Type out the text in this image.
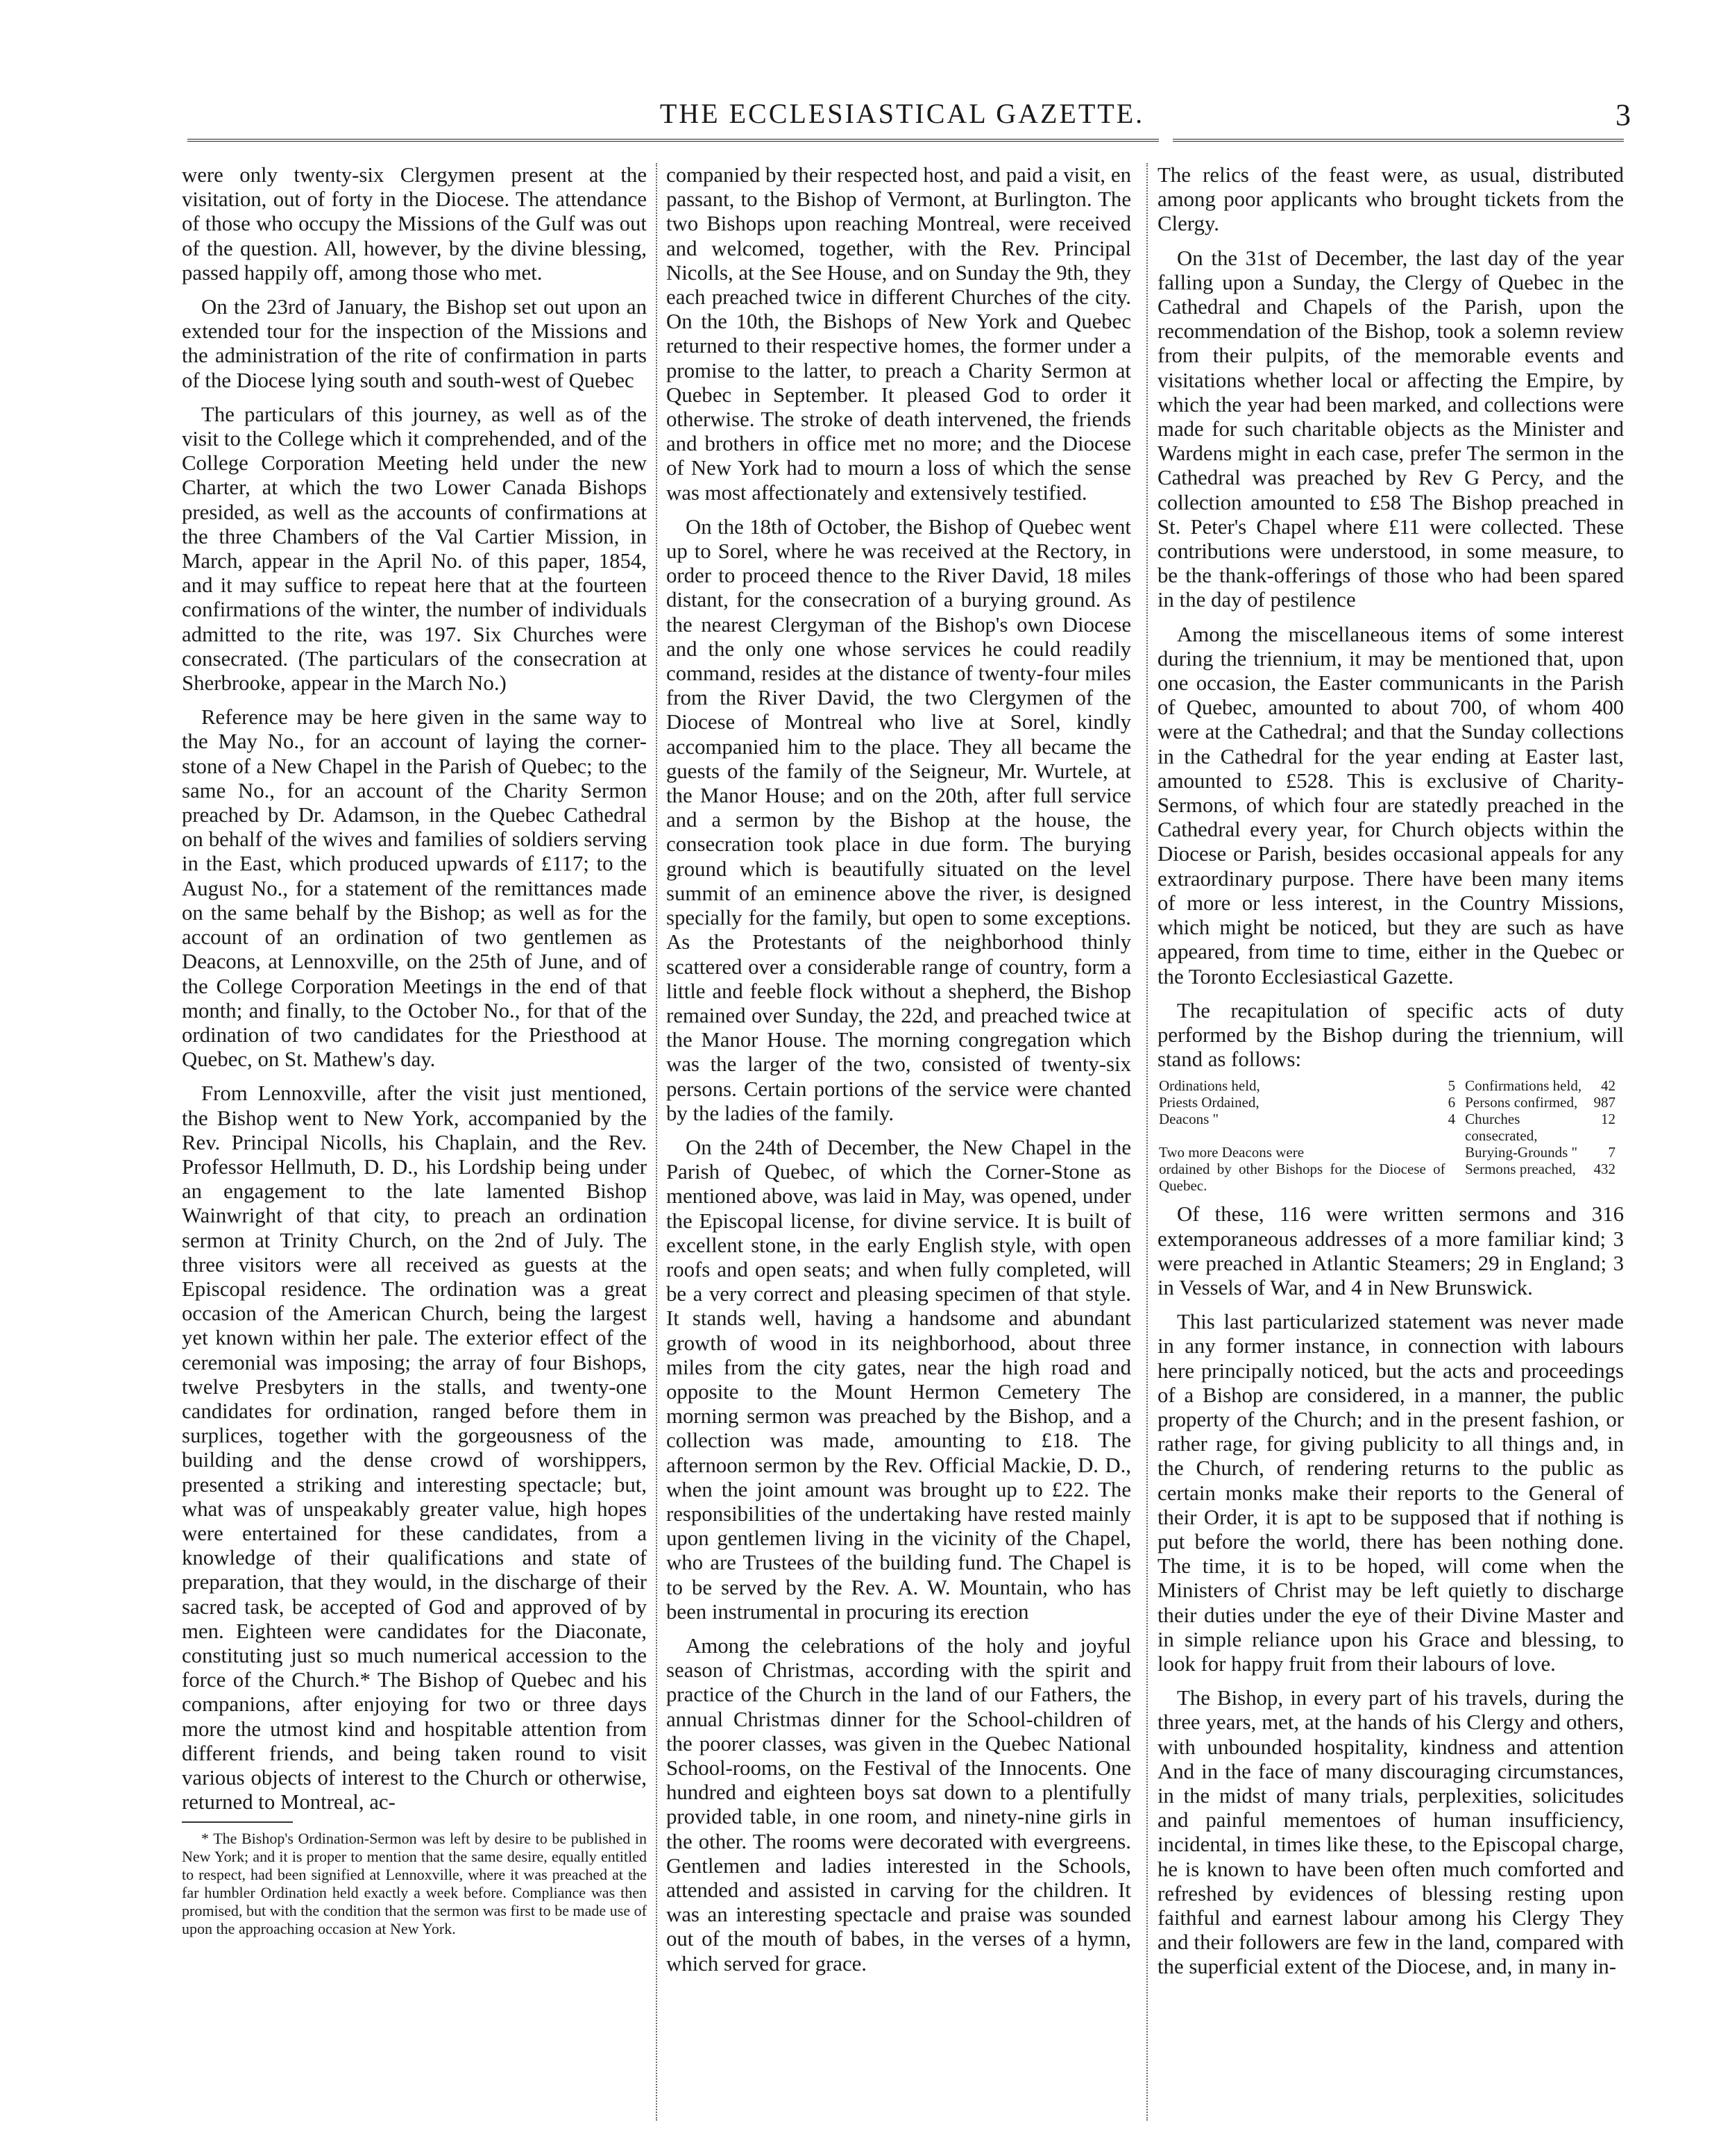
THE ECCLESIASTICAL GAZETTE.	3

were only twenty-six Clergymen present at the visitation, out of forty in the Diocese. The attendance of those who occupy the Missions of the Gulf was out of the question. All, however, by the divine blessing, passed happily off, among those who met.

On the 23rd of January, the Bishop set out upon an extended tour for the inspection of the Missions and the administration of the rite of confirmation in parts of the Diocese lying south and south-west of Quebec

The particulars of this journey, as well as of the visit to the College which it comprehended, and of the College Corporation Meeting held under the new Charter, at which the two Lower Canada Bishops presided, as well as the accounts of confirmations at the three Chambers of the Val Cartier Mission, in March, appear in the April No. of this paper, 1854, and it may suffice to repeat here that at the fourteen confirmations of the winter, the number of individuals admitted to the rite, was 197. Six Churches were consecrated. (The particulars of the consecration at Sherbrooke, appear in the March No.)

Reference may be here given in the same way to the May No., for an account of laying the corner-stone of a New Chapel in the Parish of Quebec; to the same No., for an account of the Charity Sermon preached by Dr. Adamson, in the Quebec Cathedral on behalf of the wives and families of soldiers serving in the East, which produced upwards of £117; to the August No., for a statement of the remittances made on the same behalf by the Bishop; as well as for the account of an ordination of two gentlemen as Deacons, at Lennoxville, on the 25th of June, and of the College Corporation Meetings in the end of that month; and finally, to the October No., for that of the ordination of two candidates for the Priesthood at Quebec, on St. Mathew's day.

From Lennoxville, after the visit just mentioned, the Bishop went to New York, accompanied by the Rev. Principal Nicolls, his Chaplain, and the Rev. Professor Hellmuth, D. D., his Lordship being under an engagement to the late lamented Bishop Wainwright of that city, to preach an ordination sermon at Trinity Church, on the 2nd of July. The three visitors were all received as guests at the Episcopal residence. The ordination was a great occasion of the American Church, being the largest yet known within her pale. The exterior effect of the ceremonial was imposing; the array of four Bishops, twelve Presbyters in the stalls, and twenty-one candidates for ordination, ranged before them in surplices, together with the gorgeousness of the building and the dense crowd of worshippers, presented a striking and interesting spectacle; but, what was of unspeakably greater value, high hopes were entertained for these candidates, from a knowledge of their qualifications and state of preparation, that they would, in the discharge of their sacred task, be accepted of God and approved of by men. Eighteen were candidates for the Diaconate, constituting just so much numerical accession to the force of the Church.* The Bishop of Quebec and his companions, after enjoying for two or three days more the utmost kind and hospitable attention from different friends, and being taken round to visit various objects of interest to the Church or otherwise, returned to Montreal, ac-

* The Bishop's Ordination-Sermon was left by desire to be published in New York; and it is proper to mention that the same desire, equally entitled to respect, had been signified at Lennoxville, where it was preached at the far humbler Ordination held exactly a week before. Compliance was then promised, but with the condition that the sermon was first to be made use of upon the approaching occasion at New York.

companied by their respected host, and paid a visit, en passant, to the Bishop of Vermont, at Burlington. The two Bishops upon reaching Montreal, were received and welcomed, together, with the Rev. Principal Nicolls, at the See House, and on Sunday the 9th, they each preached twice in different Churches of the city. On the 10th, the Bishops of New York and Quebec returned to their respective homes, the former under a promise to the latter, to preach a Charity Sermon at Quebec in September. It pleased God to order it otherwise. The stroke of death intervened, the friends and brothers in office met no more; and the Diocese of New York had to mourn a loss of which the sense was most affectionately and extensively testified.

On the 18th of October, the Bishop of Quebec went up to Sorel, where he was received at the Rectory, in order to proceed thence to the River David, 18 miles distant, for the consecration of a burying ground. As the nearest Clergyman of the Bishop's own Diocese and the only one whose services he could readily command, resides at the distance of twenty-four miles from the River David, the two Clergymen of the Diocese of Montreal who live at Sorel, kindly accompanied him to the place. They all became the guests of the family of the Seigneur, Mr. Wurtele, at the Manor House; and on the 20th, after full service and a sermon by the Bishop at the house, the consecration took place in due form. The burying ground which is beautifully situated on the level summit of an eminence above the river, is designed specially for the family, but open to some exceptions. As the Protestants of the neighborhood thinly scattered over a considerable range of country, form a little and feeble flock without a shepherd, the Bishop remained over Sunday, the 22d, and preached twice at the Manor House. The morning congregation which was the larger of the two, consisted of twenty-six persons. Certain portions of the service were chanted by the ladies of the family.

On the 24th of December, the New Chapel in the Parish of Quebec, of which the Corner-Stone as mentioned above, was laid in May, was opened, under the Episcopal license, for divine service. It is built of excellent stone, in the early English style, with open roofs and open seats; and when fully completed, will be a very correct and pleasing specimen of that style. It stands well, having a handsome and abundant growth of wood in its neighborhood, about three miles from the city gates, near the high road and opposite to the Mount Hermon Cemetery The morning sermon was preached by the Bishop, and a collection was made, amounting to £18. The afternoon sermon by the Rev. Official Mackie, D. D., when the joint amount was brought up to £22. The responsibilities of the undertaking have rested mainly upon gentlemen living in the vicinity of the Chapel, who are Trustees of the building fund. The Chapel is to be served by the Rev. A. W. Mountain, who has been instrumental in procuring its erection

Among the celebrations of the holy and joyful season of Christmas, according with the spirit and practice of the Church in the land of our Fathers, the annual Christmas dinner for the School-children of the poorer classes, was given in the Quebec National School-rooms, on the Festival of the Innocents. One hundred and eighteen boys sat down to a plentifully provided table, in one room, and ninety-nine girls in the other. The rooms were decorated with evergreens. Gentlemen and ladies interested in the Schools, attended and assisted in carving for the children. It was an interesting spectacle and praise was sounded out of the mouth of babes, in the verses of a hymn, which served for grace.

The relics of the feast were, as usual, distributed among poor applicants who brought tickets from the Clergy.

On the 31st of December, the last day of the year falling upon a Sunday, the Clergy of Quebec in the Cathedral and Chapels of the Parish, upon the recommendation of the Bishop, took a solemn review from their pulpits, of the memorable events and visitations whether local or affecting the Empire, by which the year had been marked, and collections were made for such charitable objects as the Minister and Wardens might in each case, prefer The sermon in the Cathedral was preached by Rev G Percy, and the collection amounted to £58 The Bishop preached in St. Peter's Chapel where £11 were collected. These contributions were understood, in some measure, to be the thank-offerings of those who had been spared in the day of pestilence

Among the miscellaneous items of some interest during the triennium, it may be mentioned that, upon one occasion, the Easter communicants in the Parish of Quebec, amounted to about 700, of whom 400 were at the Cathedral; and that the Sunday collections in the Cathedral for the year ending at Easter last, amounted to £528. This is exclusive of Charity-Sermons, of which four are statedly preached in the Cathedral every year, for Church objects within the Diocese or Parish, besides occasional appeals for any extraordinary purpose. There have been many items of more or less interest, in the Country Missions, which might be noticed, but they are such as have appeared, from time to time, either in the Quebec or the Toronto Ecclesiastical Gazette.

The recapitulation of specific acts of duty performed by the Bishop during the triennium, will stand as follows:

Ordinations held,	5	Confirmations held,	42
Priests Ordained,	6	Persons confirmed,	987
Deacons "	4	Churches consecrated,	12
Two more Deacons were		Burying-Grounds "	7
ordained by other Bishops for the Diocese of Quebec.		Sermons preached,	432

Of these, 116 were written sermons and 316 extemporaneous addresses of a more familiar kind; 3 were preached in Atlantic Steamers; 29 in England; 3 in Vessels of War, and 4 in New Brunswick.

This last particularized statement was never made in any former instance, in connection with labours here principally noticed, but the acts and proceedings of a Bishop are considered, in a manner, the public property of the Church; and in the present fashion, or rather rage, for giving publicity to all things and, in the Church, of rendering returns to the public as certain monks make their reports to the General of their Order, it is apt to be supposed that if nothing is put before the world, there has been nothing done. The time, it is to be hoped, will come when the Ministers of Christ may be left quietly to discharge their duties under the eye of their Divine Master and in simple reliance upon his Grace and blessing, to look for happy fruit from their labours of love.

The Bishop, in every part of his travels, during the three years, met, at the hands of his Clergy and others, with unbounded hospitality, kindness and attention And in the face of many discouraging circumstances, in the midst of many trials, perplexities, solicitudes and painful mementoes of human insufficiency, incidental, in times like these, to the Episcopal charge, he is known to have been often much comforted and refreshed by evidences of blessing resting upon faithful and earnest labour among his Clergy They and their followers are few in the land, compared with the superficial extent of the Diocese, and, in many in-
